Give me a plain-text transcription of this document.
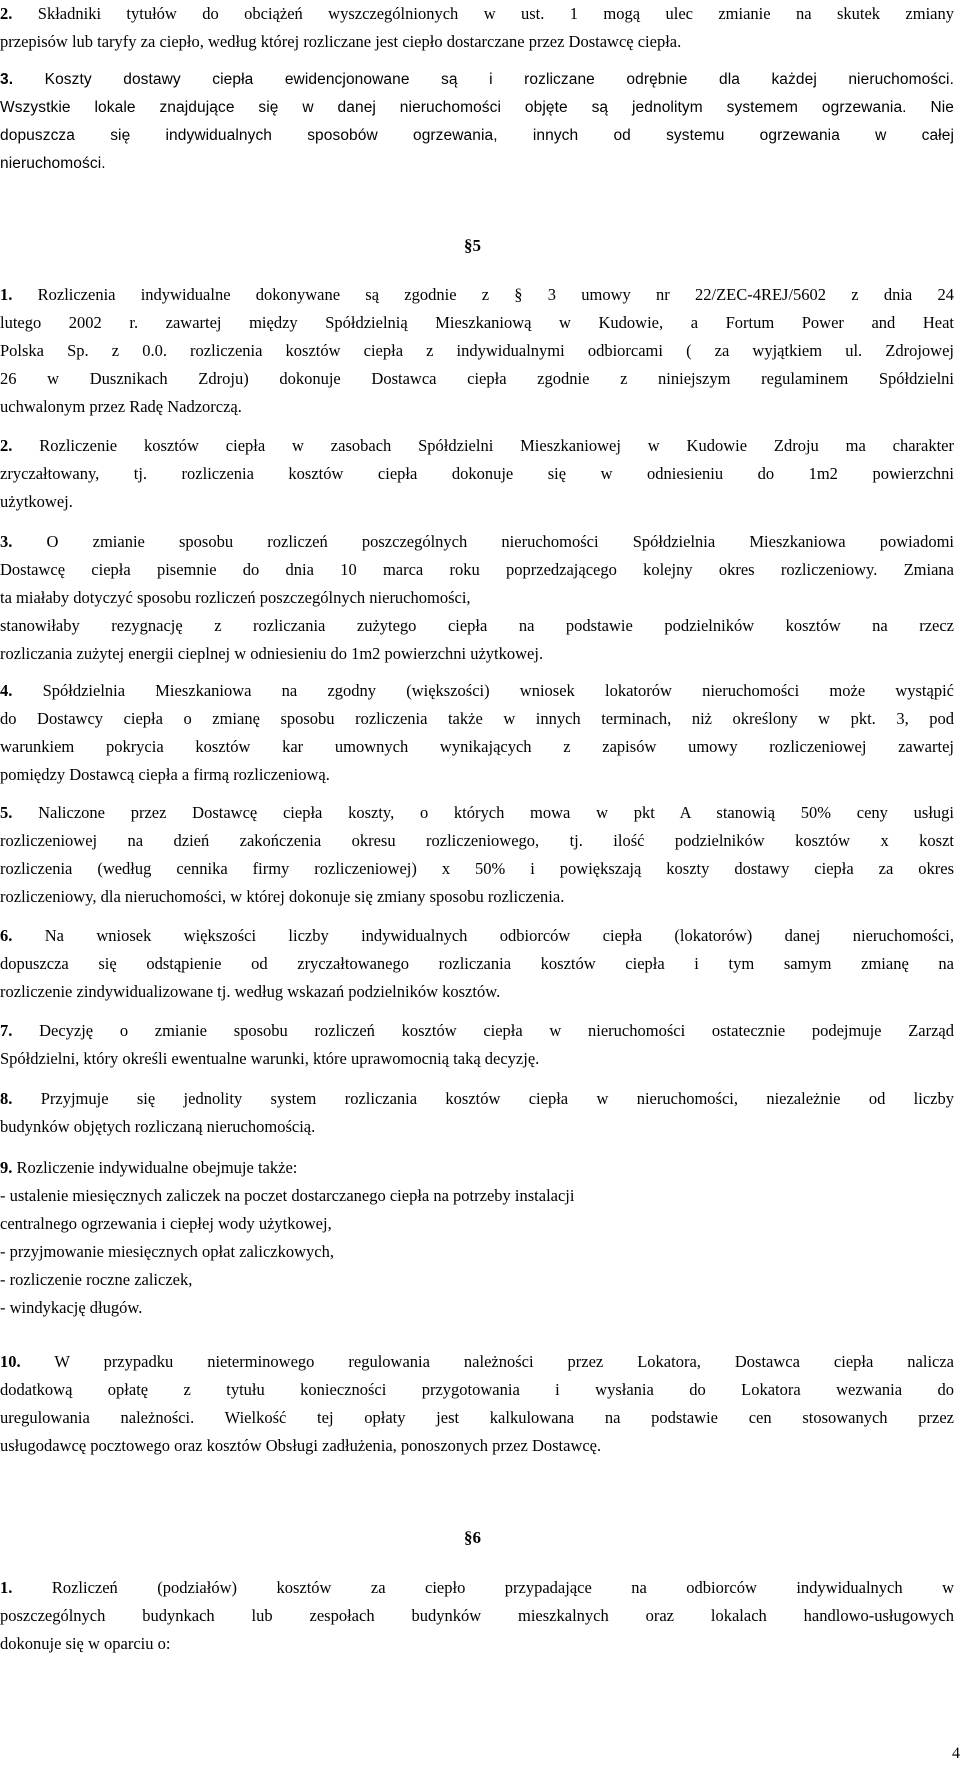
2. Składniki tytułów do obciążeń wyszczególnionych w ust. 1 mogą ulec zmianie na skutek zmiany
przepisów lub taryfy za ciepło, według której rozliczane jest ciepło dostarczane przez Dostawcę ciepła.
3. Koszty dostawy ciepła ewidencjonowane są i rozliczane odrębnie dla każdej nieruchomości.
Wszystkie lokale znajdujące się w danej nieruchomości objęte są jednolitym systemem ogrzewania. Nie
dopuszcza się indywidualnych sposobów ogrzewania, innych od systemu ogrzewania w całej
nieruchomości.
§5
1. Rozliczenia indywidualne dokonywane są zgodnie z § 3 umowy nr 22/ZEC-4REJ/5602 z dnia 24
lutego 2002 r. zawartej między Spółdzielnią Mieszkaniową w Kudowie, a Fortum Power and Heat
Polska Sp. z 0.0. rozliczenia kosztów ciepła z indywidualnymi odbiorcami ( za wyjątkiem ul. Zdrojowej
26 w Dusznikach Zdroju) dokonuje Dostawca ciepła zgodnie z niniejszym regulaminem Spółdzielni
uchwalonym przez Radę Nadzorczą.
2. Rozliczenie kosztów ciepła w zasobach Spółdzielni Mieszkaniowej w Kudowie Zdroju ma charakter
zryczałtowany, tj. rozliczenia kosztów ciepła dokonuje się w odniesieniu do 1m2 powierzchni
użytkowej.
3. O zmianie sposobu rozliczeń poszczególnych nieruchomości Spółdzielnia Mieszkaniowa powiadomi
Dostawcę ciepła pisemnie do dnia 10 marca roku poprzedzającego kolejny okres rozliczeniowy. Zmiana
ta miałaby dotyczyć sposobu rozliczeń poszczególnych nieruchomości,
stanowiłaby rezygnację z rozliczania zużytego ciepła na podstawie podzielników kosztów na rzecz
rozliczania zużytej energii cieplnej w odniesieniu do 1m2 powierzchni użytkowej.
4. Spółdzielnia Mieszkaniowa na zgodny (większości) wniosek lokatorów nieruchomości może wystąpić
do Dostawcy ciepła o zmianę sposobu rozliczenia także w innych terminach, niż określony w pkt. 3, pod
warunkiem pokrycia kosztów kar umownych wynikających z zapisów umowy rozliczeniowej zawartej
pomiędzy Dostawcą ciepła a firmą rozliczeniową.
5. Naliczone przez Dostawcę ciepła koszty, o których mowa w pkt A stanowią 50% ceny usługi
rozliczeniowej na dzień zakończenia okresu rozliczeniowego, tj. ilość podzielników kosztów x koszt
rozliczenia (według cennika firmy rozliczeniowej) x 50% i powiększają koszty dostawy ciepła za okres
rozliczeniowy, dla nieruchomości, w której dokonuje się zmiany sposobu rozliczenia.
6. Na wniosek większości liczby indywidualnych odbiorców ciepła (lokatorów) danej nieruchomości,
dopuszcza się odstąpienie od zryczałtowanego rozliczania kosztów ciepła i tym samym zmianę na
rozliczenie zindywidualizowane tj. według wskazań podzielników kosztów.
7. Decyzję o zmianie sposobu rozliczeń kosztów ciepła w nieruchomości ostatecznie podejmuje Zarząd
Spółdzielni, który określi ewentualne warunki, które uprawomocnią taką decyzję.
8. Przyjmuje się jednolity system rozliczania kosztów ciepła w nieruchomości, niezależnie od liczby
budynków objętych rozliczaną nieruchomością.
9. Rozliczenie indywidualne obejmuje także:
- ustalenie miesięcznych zaliczek na poczet dostarczanego ciepła na potrzeby instalacji
centralnego ogrzewania i ciepłej wody użytkowej,
- przyjmowanie miesięcznych opłat zaliczkowych,
- rozliczenie roczne zaliczek,
- windykację długów.
10. W przypadku nieterminowego regulowania należności przez Lokatora, Dostawca ciepła nalicza
dodatkową opłatę z tytułu konieczności przygotowania i wysłania do Lokatora wezwania do
uregulowania należności. Wielkość tej opłaty jest kalkulowana na podstawie cen stosowanych przez
usługodawcę pocztowego oraz kosztów Obsługi zadłużenia, ponoszonych przez Dostawcę.
§6
1. Rozliczeń (podziałów) kosztów za ciepło przypadające na odbiorców indywidualnych w
poszczególnych budynkach lub zespołach budynków mieszkalnych oraz lokalach handlowo-usługowych
dokonuje się w oparciu o:
4
